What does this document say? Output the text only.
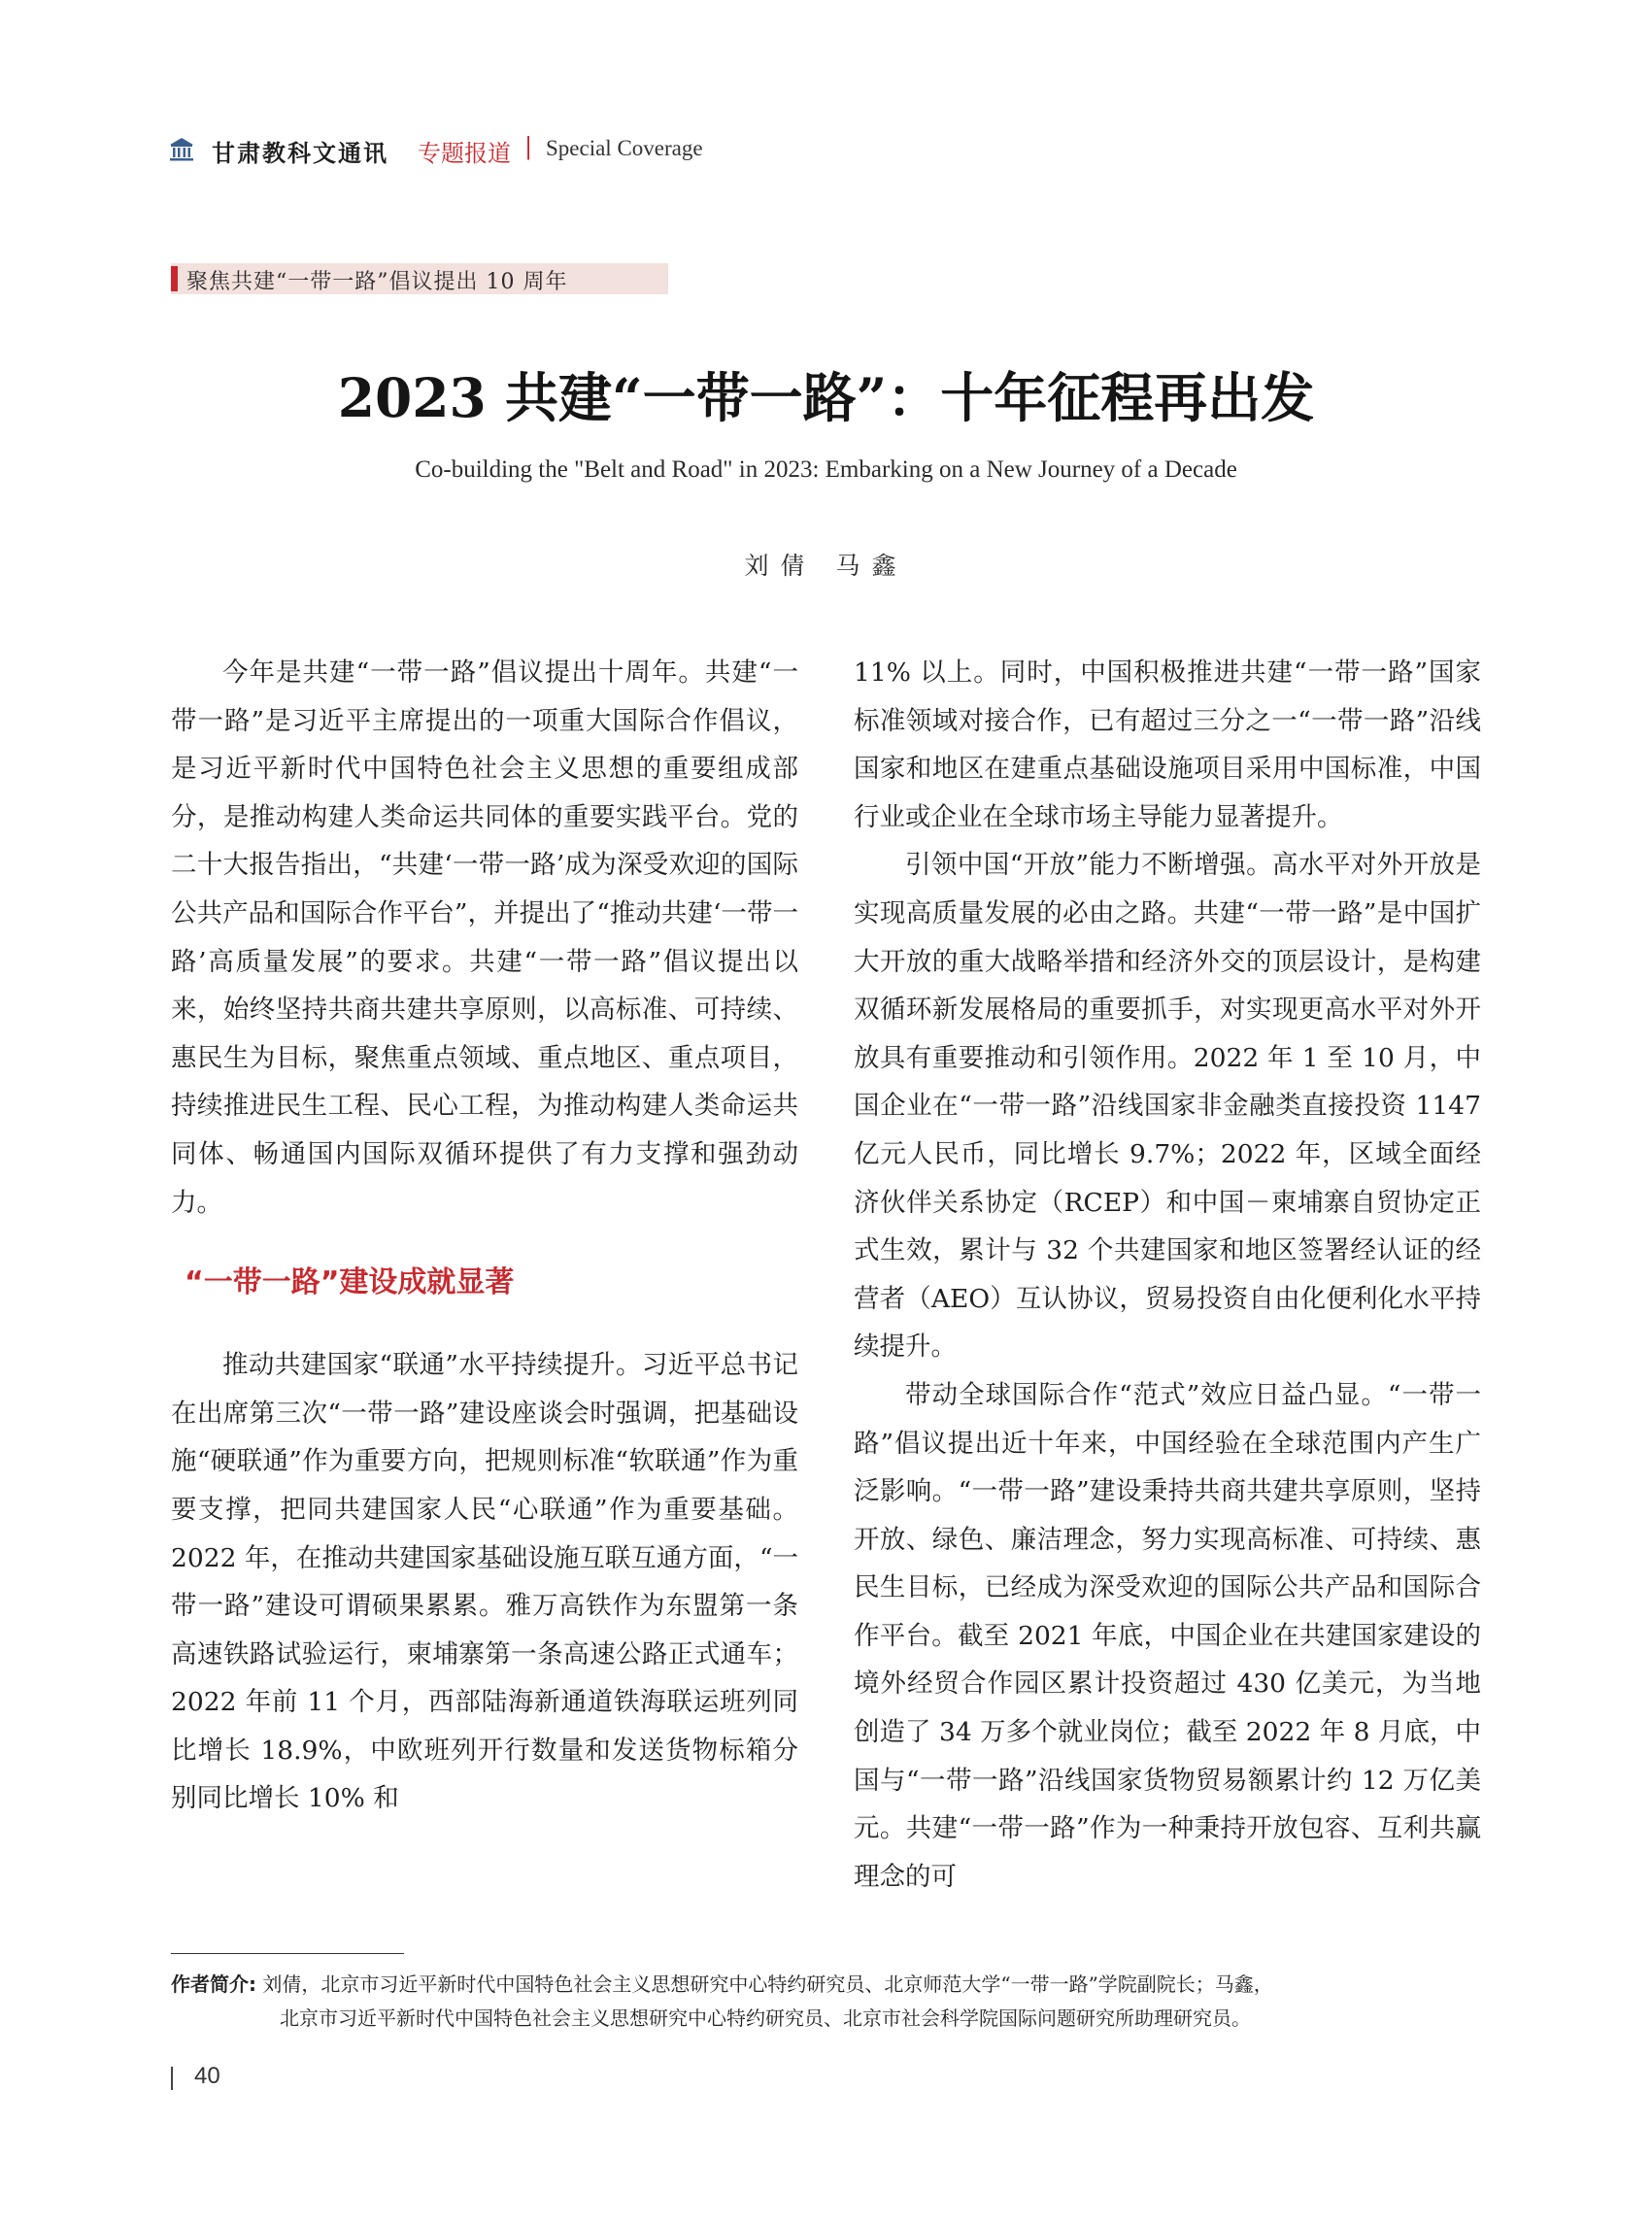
甘肃教科文通讯 专题报道 | Special Coverage
聚焦共建“一带一路”倡议提出 10 周年
2023 共建“一带一路”：十年征程再出发
Co-building the "Belt and Road" in 2023: Embarking on a New Journey of a Decade
刘倩 马鑫

今年是共建“一带一路”倡议提出十周年。共建“一带一路”是习近平主席提出的一项重大国际合作倡议，是习近平新时代中国特色社会主义思想的重要组成部分，是推动构建人类命运共同体的重要实践平台。党的二十大报告指出，“共建‘一带一路’成为深受欢迎的国际公共产品和国际合作平台”，并提出了“推动共建‘一带一路’高质量发展”的要求。共建“一带一路”倡议提出以来，始终坚持共商共建共享原则，以高标准、可持续、惠民生为目标，聚焦重点领域、重点地区、重点项目，持续推进民生工程、民心工程，为推动构建人类命运共同体、畅通国内国际双循环提供了有力支撑和强劲动力。

“一带一路”建设成就显著

推动共建国家“联通”水平持续提升。习近平总书记在出席第三次“一带一路”建设座谈会时强调，把基础设施“硬联通”作为重要方向，把规则标准“软联通”作为重要支撑，把同共建国家人民“心联通”作为重要基础。2022 年，在推动共建国家基础设施互联互通方面，“一带一路”建设可谓硕果累累。雅万高铁作为东盟第一条高速铁路试验运行，柬埔寨第一条高速公路正式通车；2022 年前 11 个月，西部陆海新通道铁海联运班列同比增长 18.9%，中欧班列开行数量和发送货物标箱分别同比增长 10% 和

11% 以上。同时，中国积极推进共建“一带一路”国家标准领域对接合作，已有超过三分之一“一带一路”沿线国家和地区在建重点基础设施项目采用中国标准，中国行业或企业在全球市场主导能力显著提升。

引领中国“开放”能力不断增强。高水平对外开放是实现高质量发展的必由之路。共建“一带一路”是中国扩大开放的重大战略举措和经济外交的顶层设计，是构建双循环新发展格局的重要抓手，对实现更高水平对外开放具有重要推动和引领作用。2022 年 1 至 10 月，中国企业在“一带一路”沿线国家非金融类直接投资 1147 亿元人民币，同比增长 9.7%；2022 年，区域全面经济伙伴关系协定（RCEP）和中国－柬埔寨自贸协定正式生效，累计与 32 个共建国家和地区签署经认证的经营者（AEO）互认协议，贸易投资自由化便利化水平持续提升。

带动全球国际合作“范式”效应日益凸显。“一带一路”倡议提出近十年来，中国经验在全球范围内产生广泛影响。“一带一路”建设秉持共商共建共享原则，坚持开放、绿色、廉洁理念，努力实现高标准、可持续、惠民生目标，已经成为深受欢迎的国际公共产品和国际合作平台。截至 2021 年底，中国企业在共建国家建设的境外经贸合作园区累计投资超过 430 亿美元，为当地创造了 34 万多个就业岗位；截至 2022 年 8 月底，中国与“一带一路”沿线国家货物贸易额累计约 12 万亿美元。共建“一带一路”作为一种秉持开放包容、互利共赢理念的可

作者简介: 刘倩，北京市习近平新时代中国特色社会主义思想研究中心特约研究员、北京师范大学“一带一路”学院副院长；马鑫，
北京市习近平新时代中国特色社会主义思想研究中心特约研究员、北京市社会科学院国际问题研究所助理研究员。
40
